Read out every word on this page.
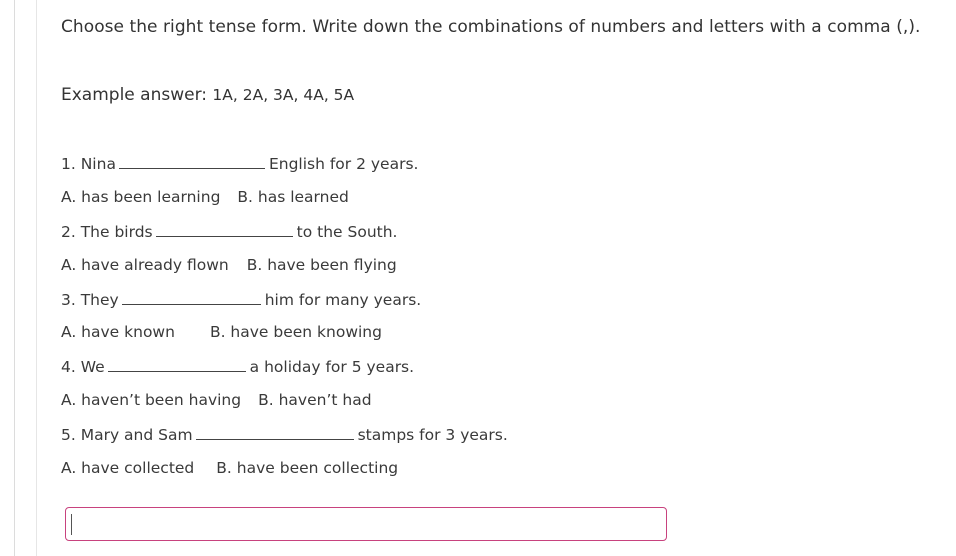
Choose the right tense form. Write down the combinations of numbers and letters with a comma (,).
Example answer: 1A, 2A, 3A, 4A, 5A
1. Nina	English for 2 years.
A. has been learning B. has learned
2. The birds	to the South.
A. have already flown B. have been flying
3. They	him for many years.
A. have known B. have been knowing
4. We	a holiday for 5 years.
A. haven’t been having B. haven’t had
5. Mary and Sam	stamps for 3 years.
A. have collected B. have been collecting
